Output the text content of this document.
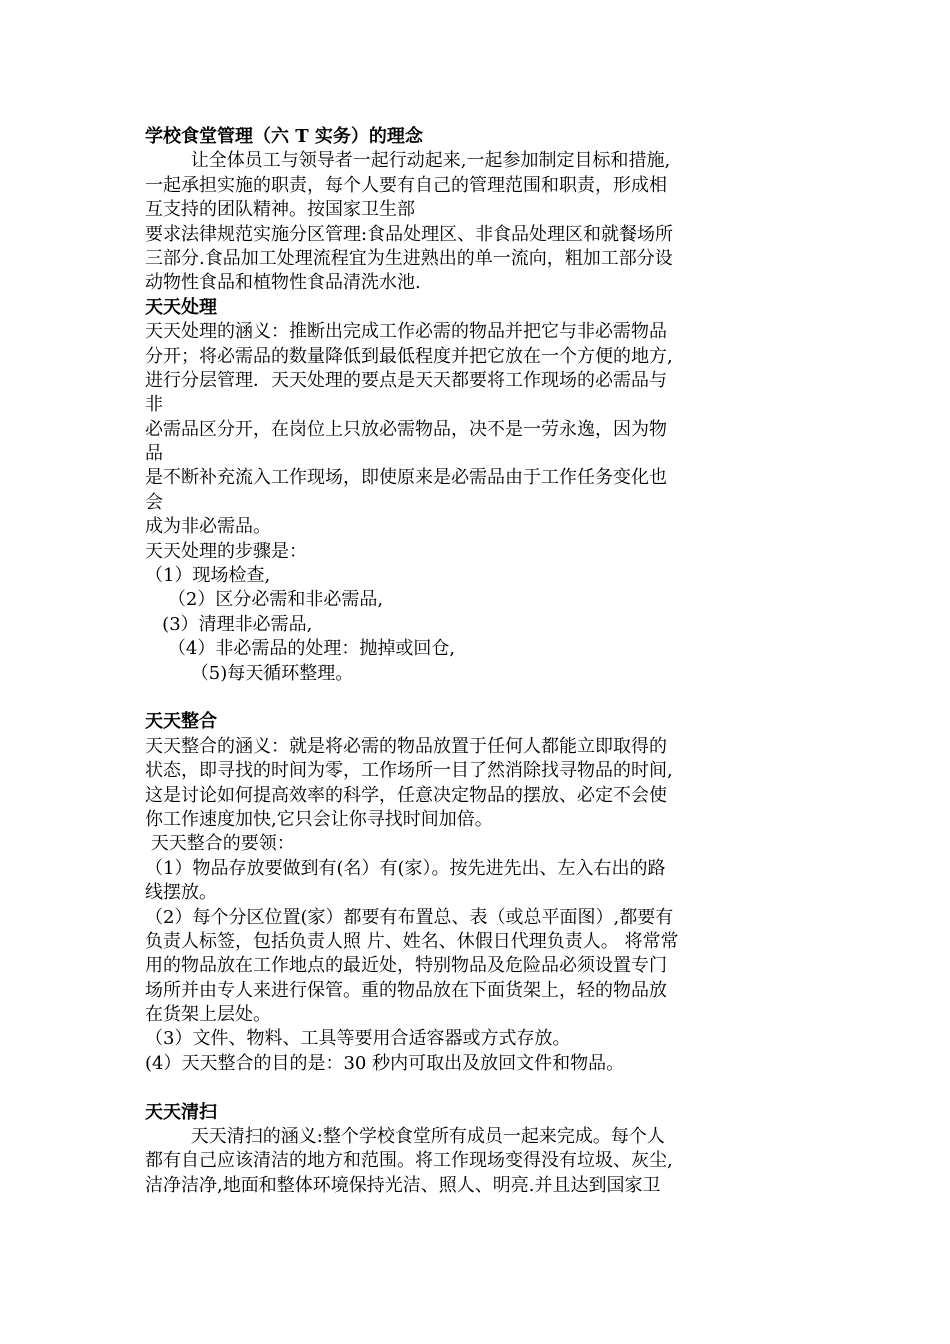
学校食堂管理（六 T 实务）的理念
让全体员工与领导者一起行动起来,一起参加制定目标和措施,
一起承担实施的职责，每个人要有自己的管理范围和职责，形成相
互支持的团队精神。按国家卫生部
要求法律规范实施分区管理:食品处理区、非食品处理区和就餐场所
三部分.食品加工处理流程宜为生进熟出的单一流向，粗加工部分设
动物性食品和植物性食品清洗水池.
天天处理
天天处理的涵义：推断出完成工作必需的物品并把它与非必需物品
分开；将必需品的数量降低到最低程度并把它放在一个方便的地方,
进行分层管理．天天处理的要点是天天都要将工作现场的必需品与
非
必需品区分开，在岗位上只放必需物品，决不是一劳永逸，因为物
品
是不断补充流入工作现场，即使原来是必需品由于工作任务变化也
会
成为非必需品。
天天处理的步骤是：
（1）现场检查,
（2）区分必需和非必需品,
(3）清理非必需品,
（4）非必需品的处理：抛掉或回仓,
（5)每天循环整理。
天天整合
天天整合的涵义：就是将必需的物品放置于任何人都能立即取得的
状态，即寻找的时间为零，工作场所一目了然消除找寻物品的时间,
这是讨论如何提高效率的科学，任意决定物品的摆放、必定不会使
你工作速度加快,它只会让你寻找时间加倍。
天天整合的要领：
（1）物品存放要做到有(名）有(家）。按先进先出、左入右出的路
线摆放。
（2）每个分区位置(家）都要有布置总、表（或总平面图）,都要有
负责人标签，包括负责人照 片、姓名、休假日代理负责人。 将常常
用的物品放在工作地点的最近处，特别物品及危险品必须设置专门
场所并由专人来进行保管。重的物品放在下面货架上，轻的物品放
在货架上层处。
（3）文件、物料、工具等要用合适容器或方式存放。
(4）天天整合的目的是：30 秒内可取出及放回文件和物品。
天天清扫
天天清扫的涵义:整个学校食堂所有成员一起来完成。每个人
都有自己应该清洁的地方和范围。将工作现场变得没有垃圾、灰尘,
洁净洁净,地面和整体环境保持光洁、照人、明亮.并且达到国家卫
